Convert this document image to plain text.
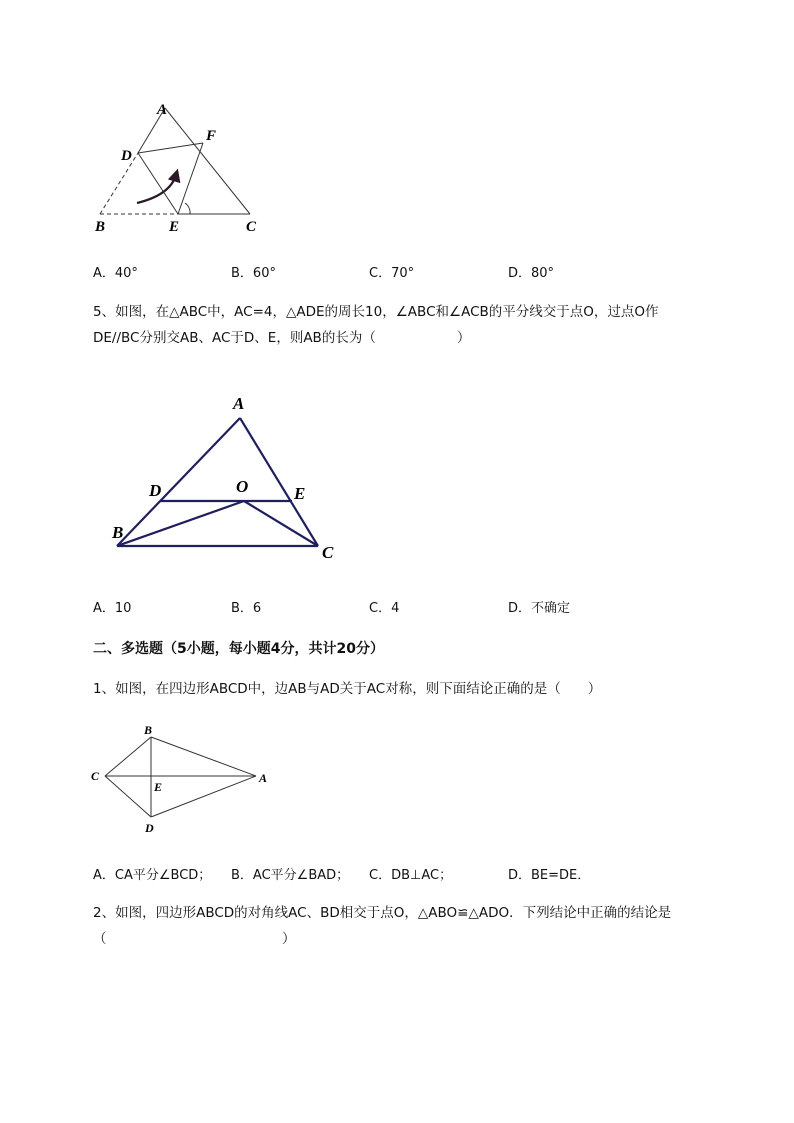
A
F
D
B	E	C
A．40°	B．60°	C．70°	D．80°
5、如图，在△ABC中，AC=4，△ADE的周长10，∠ABC和∠ACB的平分线交于点O，过点O作
DE//BC分别交AB、AC于D、E，则AB的长为（　　　　　　）
A
D	O	E
B
C
A．10	B．6	C．4	D．不确定
二、多选题（5小题，每小题4分，共计20分）
1、如图，在四边形ABCD中，边AB与AD关于AC对称，则下面结论正确的是（　　）
B
C	A
E
D
A．CA平分∠BCD； B．AC平分∠BAD； C．DB⊥AC；	D．BE=DE．
2、如图，四边形ABCD的对角线AC、BD相交于点O，△ABO≌△ADO．下列结论中正确的结论是
（　　　　　　　　　　　　　）
